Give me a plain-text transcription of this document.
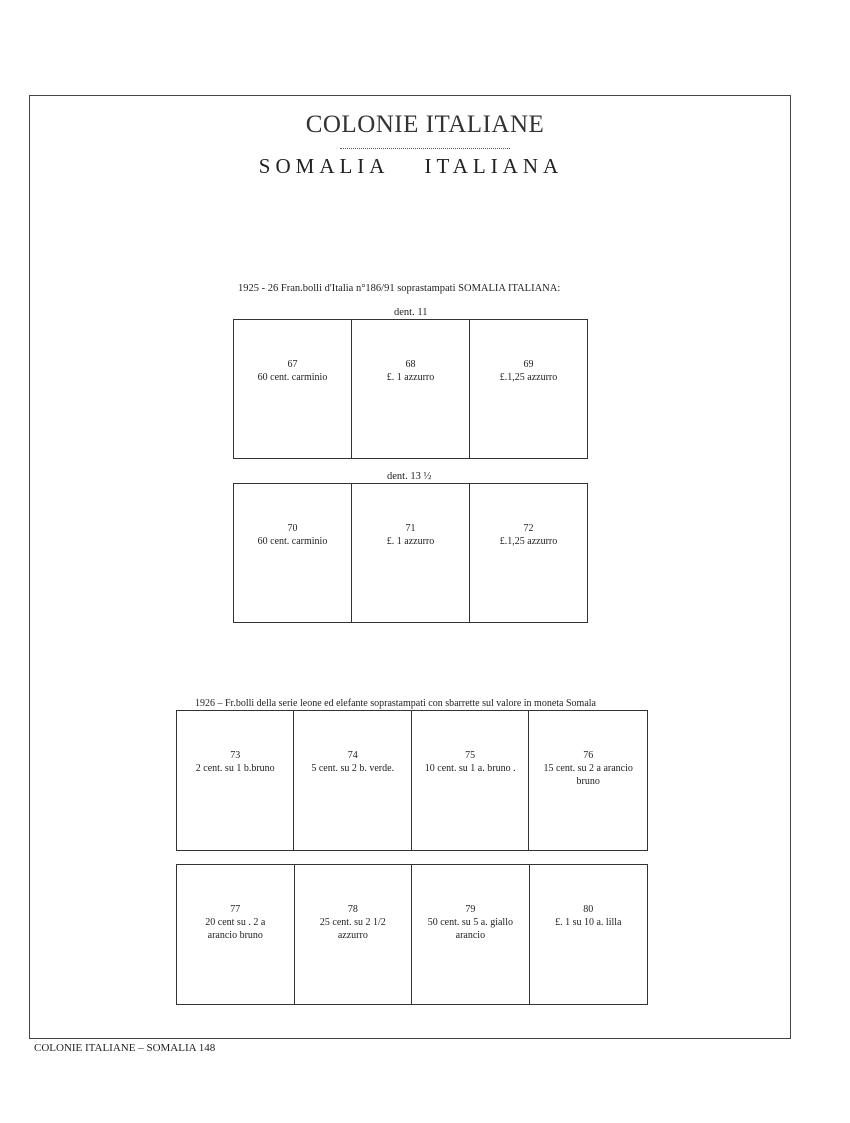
COLONIE ITALIANE
SOMALIA ITALIANA
1925 - 26 Fran.bolli d'Italia n°186/91 soprastampati SOMALIA ITALIANA:
dent. 11
67
60 cent. carminio
68
£. 1 azzurro
69
£.1,25 azzurro
dent. 13 ½
70
60 cent. carminio
71
£. 1 azzurro
72
£.1,25 azzurro
1926 – Fr.bolli della serie leone ed elefante soprastampati con sbarrette sul valore in moneta Somala
73
2 cent. su 1 b.bruno
74
5 cent. su 2 b. verde.
75
10 cent. su 1 a. bruno .
76
15 cent. su 2 a arancio bruno
77
20 cent su . 2 a arancio bruno
78
25 cent. su 2 1/2 azzurro
79
50 cent. su 5 a. giallo arancio
80
£. 1 su 10 a. lilla
COLONIE ITALIANE – SOMALIA 148
